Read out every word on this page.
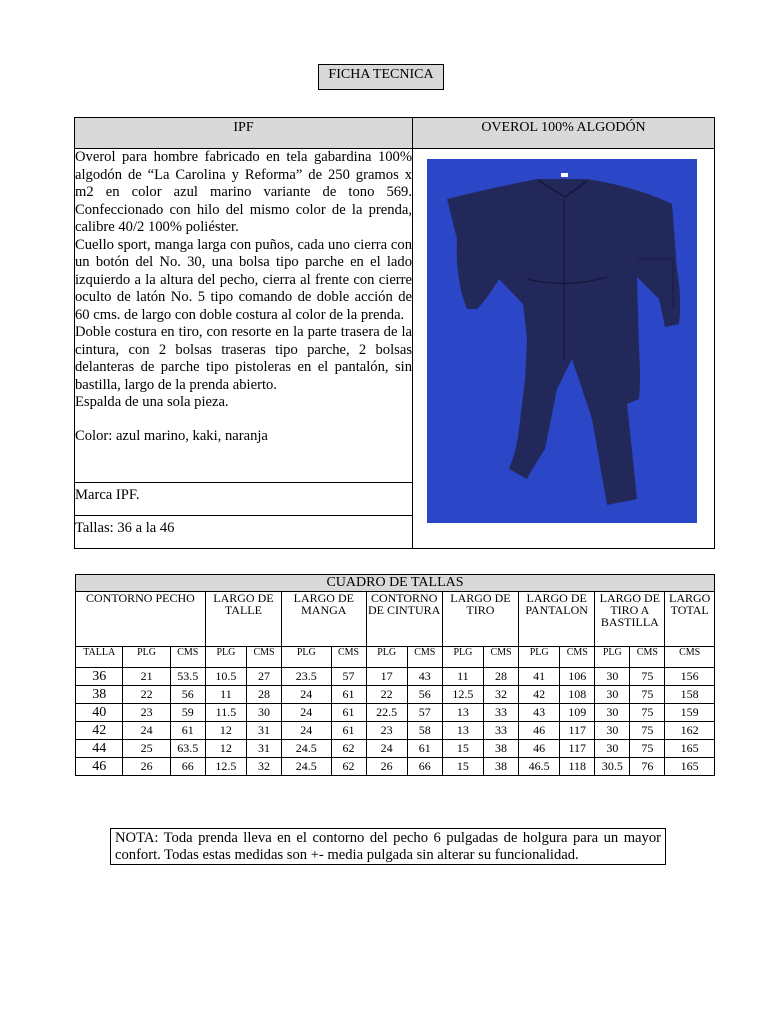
FICHA TECNICA
IPF	OVEROL 100% ALGODÓN

Overol para hombre fabricado en tela gabardina 100% algodón de “La Carolina y Reforma” de 250 gramos x m2 en color azul marino variante de tono 569. Confeccionado con hilo del mismo color de la prenda, calibre 40/2 100% poliéster.

Cuello sport, manga larga con puños, cada uno cierra con un botón del No. 30, una bolsa tipo parche en el lado izquierdo a la altura del pecho, cierra al frente con cierre oculto de latón No. 5 tipo comando de doble acción de 60 cms. de largo con doble costura al color de la prenda.

Doble costura en tiro, con resorte en la parte trasera de la cintura, con 2 bolsas traseras tipo parche, 2 bolsas delanteras de parche tipo pistoleras en el pantalón, sin bastilla, largo de la prenda abierto.

Espalda de una sola pieza.

Color: azul marino, kaki, naranja

Marca IPF.	

Tallas: 36 a la 46	
CUADRO DE TALLAS															
CONTORNO PECHO			LARGO DE TALLE		LARGO DE MANGA		CONTORNO DE CINTURA		LARGO DE TIRO		LARGO DE PANTALON		LARGO DE TIRO A BASTILLA		LARGO TOTAL
TALLA	PLG	CMS	PLG	CMS	PLG	CMS	PLG	CMS	PLG	CMS	PLG	CMS	PLG	CMS	CMS
36	21	53.5	10.5	27	23.5	57	17	43	11	28	41	106	30	75	156
38	22	56	11	28	24	61	22	56	12.5	32	42	108	30	75	158
40	23	59	11.5	30	24	61	22.5	57	13	33	43	109	30	75	159
42	24	61	12	31	24	61	23	58	13	33	46	117	30	75	162
44	25	63.5	12	31	24.5	62	24	61	15	38	46	117	30	75	165
46	26	66	12.5	32	24.5	62	26	66	15	38	46.5	118	30.5	76	165
NOTA: Toda prenda lleva en el contorno del pecho 6 pulgadas de holgura para un mayor confort. Todas estas medidas son +- media pulgada sin alterar su funcionalidad.
